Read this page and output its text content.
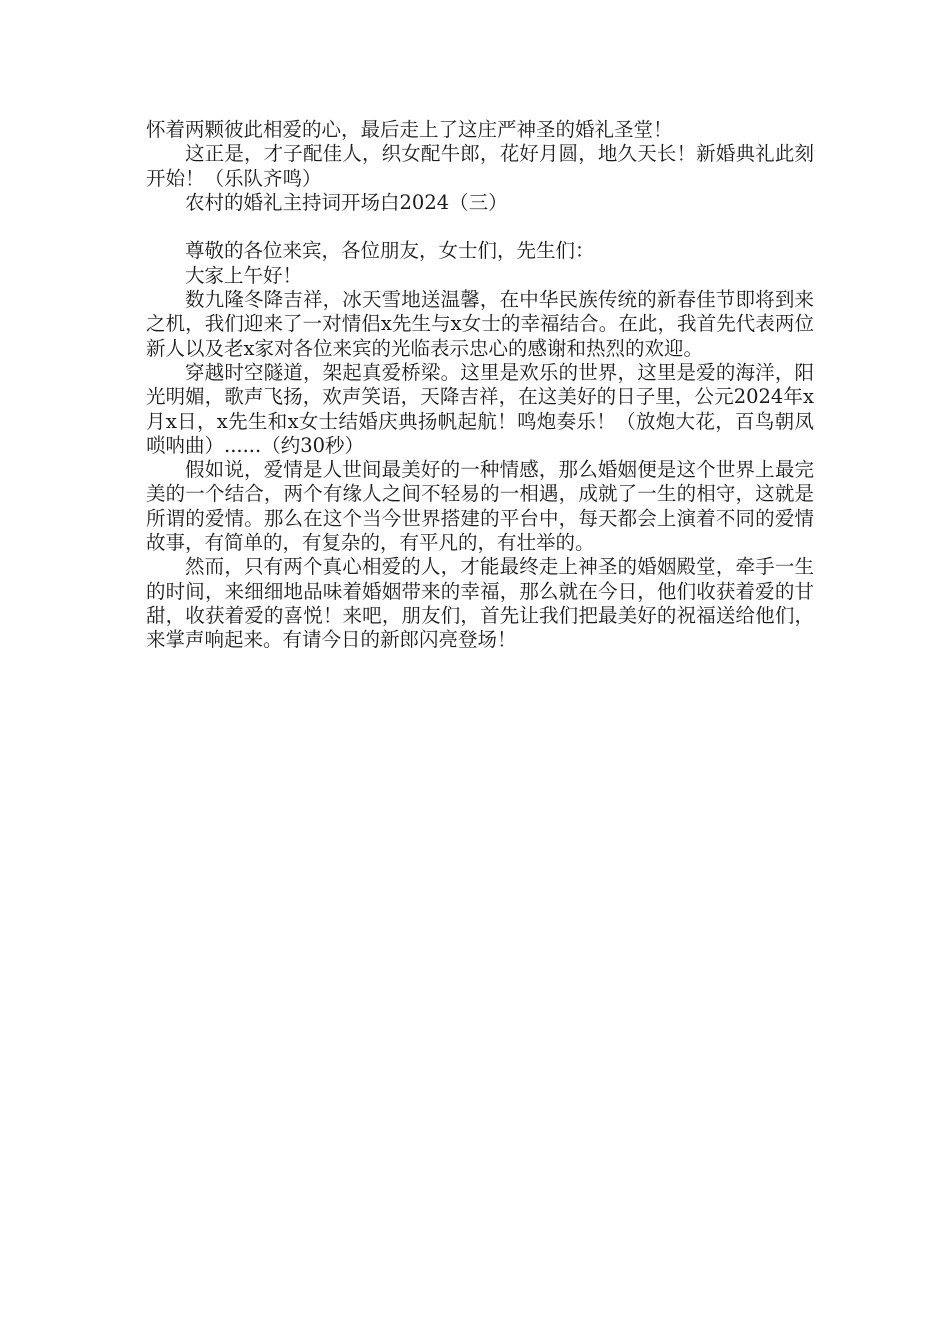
怀着两颗彼此相爱的心，最后走上了这庄严神圣的婚礼圣堂！

这正是，才子配佳人，织女配牛郎，花好月圆，地久天长！新婚典礼此刻开始！（乐队齐鸣）

农村的婚礼主持词开场白2024（三）

尊敬的各位来宾，各位朋友，女士们，先生们：

大家上午好！

数九隆冬降吉祥，冰天雪地送温馨，在中华民族传统的新春佳节即将到来之机，我们迎来了一对情侣x先生与x女士的幸福结合。在此，我首先代表两位新人以及老x家对各位来宾的光临表示忠心的感谢和热烈的欢迎。

穿越时空隧道，架起真爱桥梁。这里是欢乐的世界，这里是爱的海洋，阳光明媚，歌声飞扬，欢声笑语，天降吉祥，在这美好的日子里，公元2024年x月x日，x先生和x女士结婚庆典扬帆起航！鸣炮奏乐！（放炮大花，百鸟朝凤唢呐曲）......（约30秒）

假如说，爱情是人世间最美好的一种情感，那么婚姻便是这个世界上最完美的一个结合，两个有缘人之间不轻易的一相遇，成就了一生的相守，这就是所谓的爱情。那么在这个当今世界搭建的平台中，每天都会上演着不同的爱情故事，有简单的，有复杂的，有平凡的，有壮举的。

然而，只有两个真心相爱的人，才能最终走上神圣的婚姻殿堂，牵手一生的时间，来细细地品味着婚姻带来的幸福，那么就在今日，他们收获着爱的甘甜，收获着爱的喜悦！来吧，朋友们，首先让我们把最美好的祝福送给他们，来掌声响起来。有请今日的新郎闪亮登场！
